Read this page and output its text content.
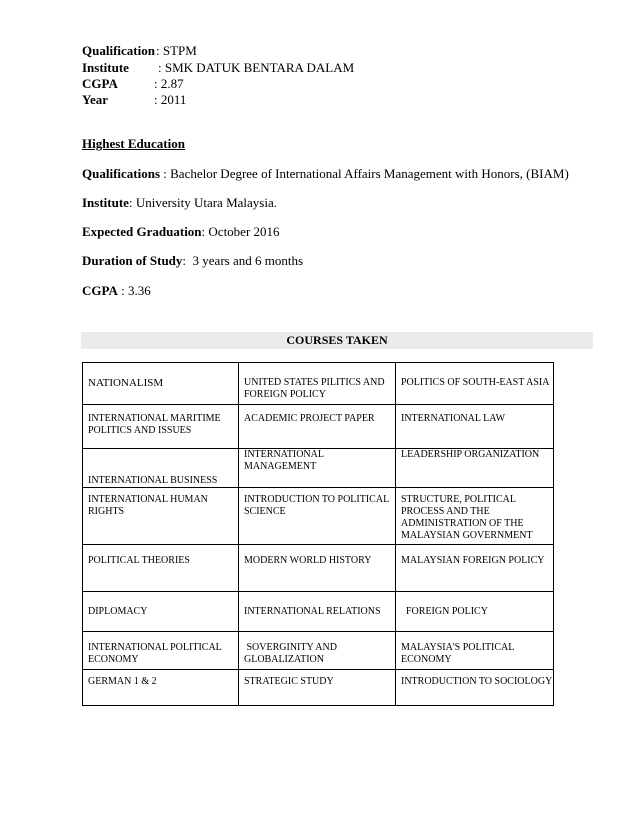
Qualification : STPM
Institute : SMK DATUK BENTARA DALAM
CGPA	: 2.87
Year	: 2011
Highest Education
Qualifications : Bachelor Degree of International Affairs Management with Honors, (BIAM)
Institute: University Utara Malaysia.
Expected Graduation: October 2016
Duration of Study:  3 years and 6 months
CGPA : 3.36
COURSES TAKEN
NATIONALISM	UNITED STATES PILITICS AND FOREIGN POLICY	POLITICS OF SOUTH-EAST ASIA

INTERNATIONAL MARITIME POLITICS AND ISSUES	ACADEMIC PROJECT PAPER	INTERNATIONAL LAW

INTERNATIONAL BUSINESS	INTERNATIONAL MANAGEMENT	LEADERSHIP ORGANIZATION

INTERNATIONAL HUMAN RIGHTS	INTRODUCTION TO POLITICAL SCIENCE	STRUCTURE, POLITICAL PROCESS AND THE ADMINISTRATION OF THE MALAYSIAN GOVERNMENT

POLITICAL THEORIES	MODERN WORLD HISTORY	MALAYSIAN FOREIGN POLICY

DIPLOMACY	INTERNATIONAL RELATIONS	FOREIGN POLICY

INTERNATIONAL POLITICAL ECONOMY	SOVERGINITY AND GLOBALIZATION	MALAYSIA'S POLITICAL ECONOMY

GERMAN 1 & 2	STRATEGIC STUDY	INTRODUCTION TO SOCIOLOGY
